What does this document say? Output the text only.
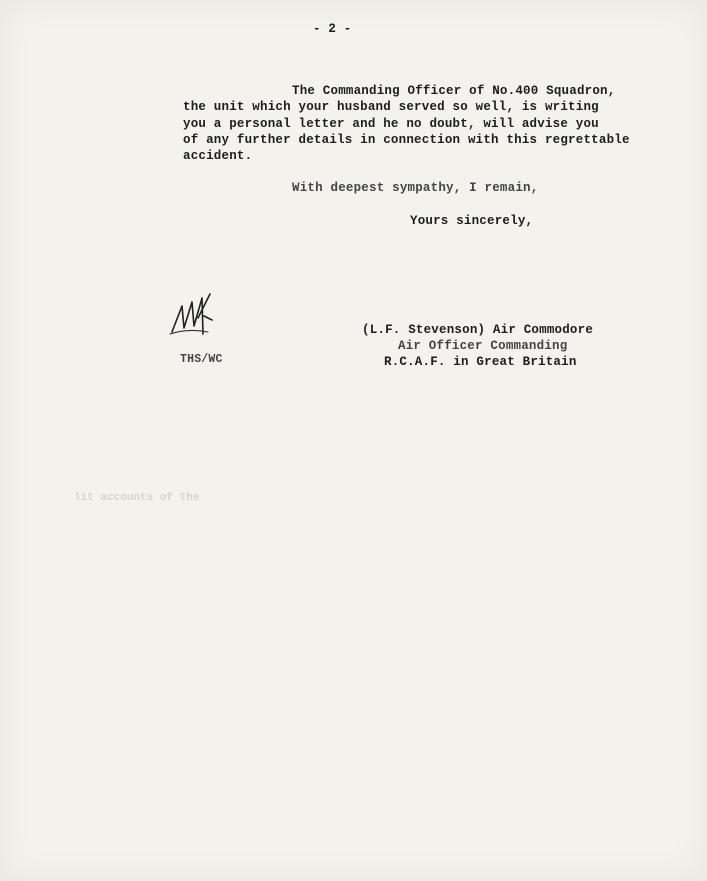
- 2 -
The Commanding Officer of No.400 Squadron,
the unit which your husband served so well, is writing
you a personal letter and he no doubt, will advise you
of any further details in connection with this regrettable
accident.
With deepest sympathy, I remain,
Yours sincerely,
THS/WC
(L.F. Stevenson) Air Commodore
Air Officer Commanding
R.C.A.F. in Great Britain
lit accounts of the
